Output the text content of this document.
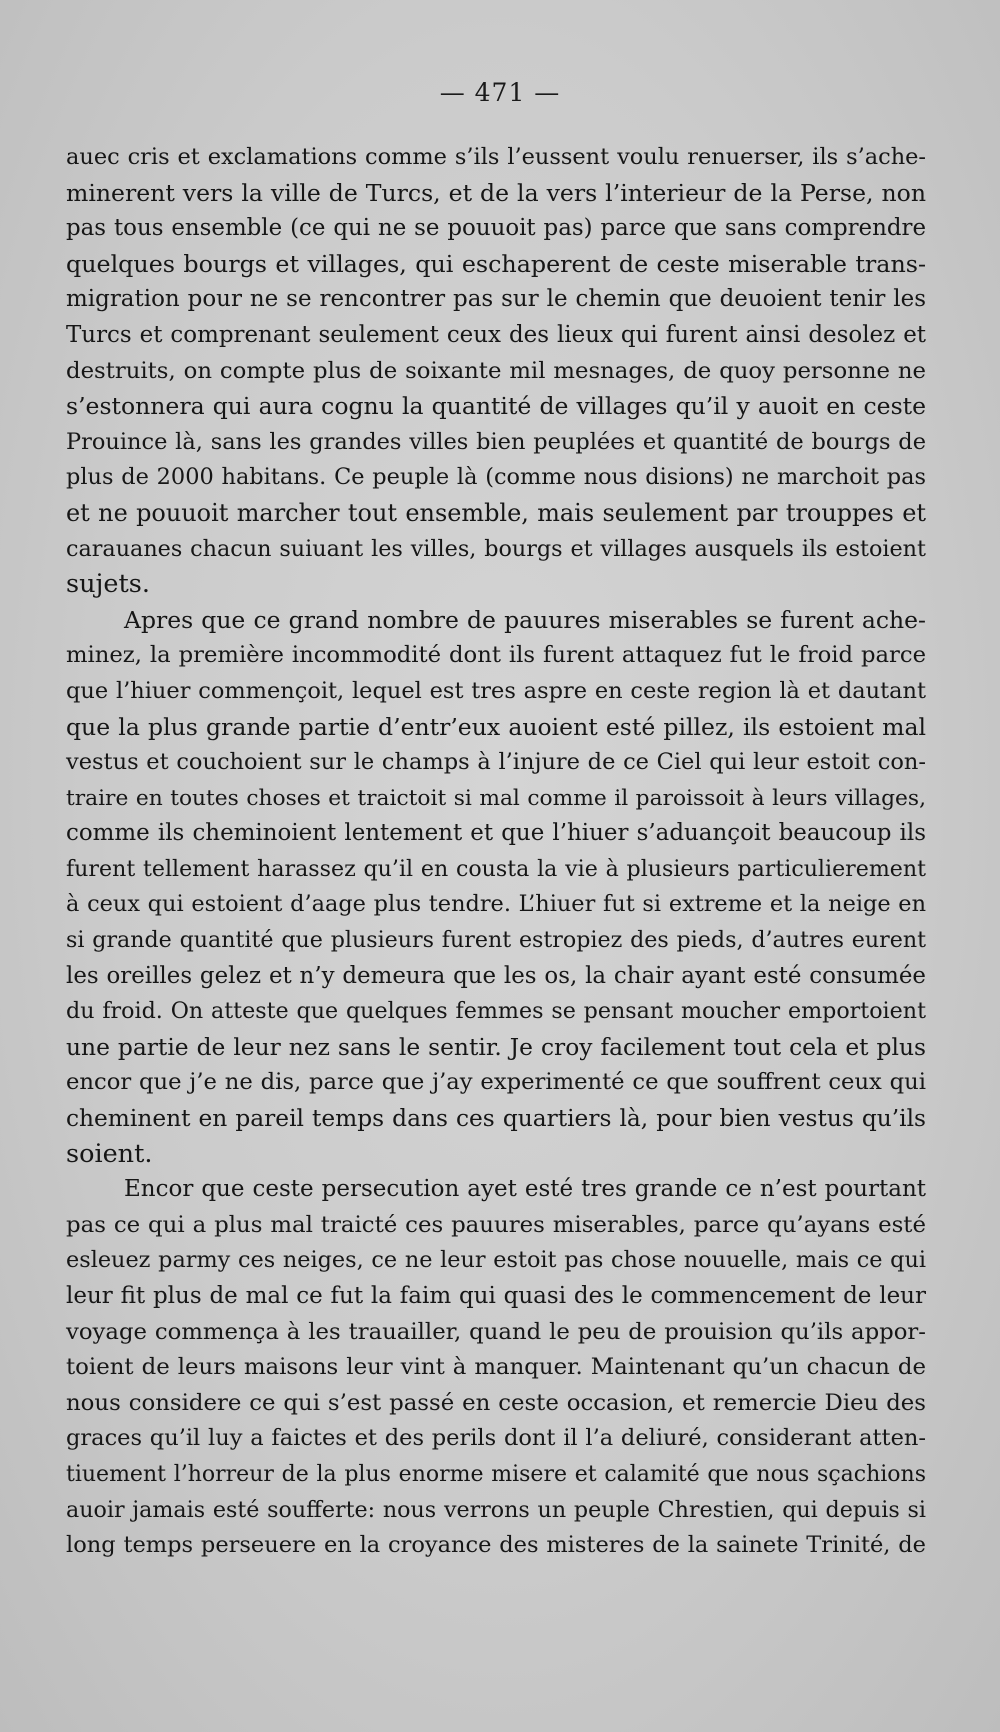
— 471 —
auec cris et exclamations comme s’ils l’eussent voulu renuerser, ils s’ache-
minerent vers la ville de Turcs, et de la vers l’interieur de la Perse, non
pas tous ensemble (ce qui ne se pouuoit pas) parce que sans comprendre
quelques bourgs et villages, qui eschaperent de ceste miserable trans-
migration pour ne se rencontrer pas sur le chemin que deuoient tenir les
Turcs et comprenant seulement ceux des lieux qui furent ainsi desolez et
destruits, on compte plus de soixante mil mesnages, de quoy personne ne
s’estonnera qui aura cognu la quantité de villages qu’il y auoit en ceste
Prouince là, sans les grandes villes bien peuplées et quantité de bourgs de
plus de 2000 habitans. Ce peuple là (comme nous disions) ne marchoit pas
et ne pouuoit marcher tout ensemble, mais seulement par trouppes et
carauanes chacun suiuant les villes, bourgs et villages ausquels ils estoient
sujets.
Apres que ce grand nombre de pauures miserables se furent ache-
minez, la première incommodité dont ils furent attaquez fut le froid parce
que l’hiuer commençoit, lequel est tres aspre en ceste region là et dautant
que la plus grande partie d’entr’eux auoient esté pillez, ils estoient mal
vestus et couchoient sur le champs à l’injure de ce Ciel qui leur estoit con-
traire en toutes choses et traictoit si mal comme il paroissoit à leurs villages,
comme ils cheminoient lentement et que l’hiuer s’aduançoit beaucoup ils
furent tellement harassez qu’il en cousta la vie à plusieurs particulierement
à ceux qui estoient d’aage plus tendre. L’hiuer fut si extreme et la neige en
si grande quantité que plusieurs furent estropiez des pieds, d’autres eurent
les oreilles gelez et n’y demeura que les os, la chair ayant esté consumée
du froid. On atteste que quelques femmes se pensant moucher emportoient
une partie de leur nez sans le sentir. Je croy facilement tout cela et plus
encor que j’e ne dis, parce que j’ay experimenté ce que souffrent ceux qui
cheminent en pareil temps dans ces quartiers là, pour bien vestus qu’ils
soient.
Encor que ceste persecution ayet esté tres grande ce n’est pourtant
pas ce qui a plus mal traicté ces pauures miserables, parce qu’ayans esté
esleuez parmy ces neiges, ce ne leur estoit pas chose nouuelle, mais ce qui
leur fit plus de mal ce fut la faim qui quasi des le commencement de leur
voyage commença à les trauailler, quand le peu de prouision qu’ils appor-
toient de leurs maisons leur vint à manquer. Maintenant qu’un chacun de
nous considere ce qui s’est passé en ceste occasion, et remercie Dieu des
graces qu’il luy a faictes et des perils dont il l’a deliuré, considerant atten-
tiuement l’horreur de la plus enorme misere et calamité que nous sçachions
auoir jamais esté soufferte: nous verrons un peuple Chrestien, qui depuis si
long temps perseuere en la croyance des misteres de la sainete Trinité, de
